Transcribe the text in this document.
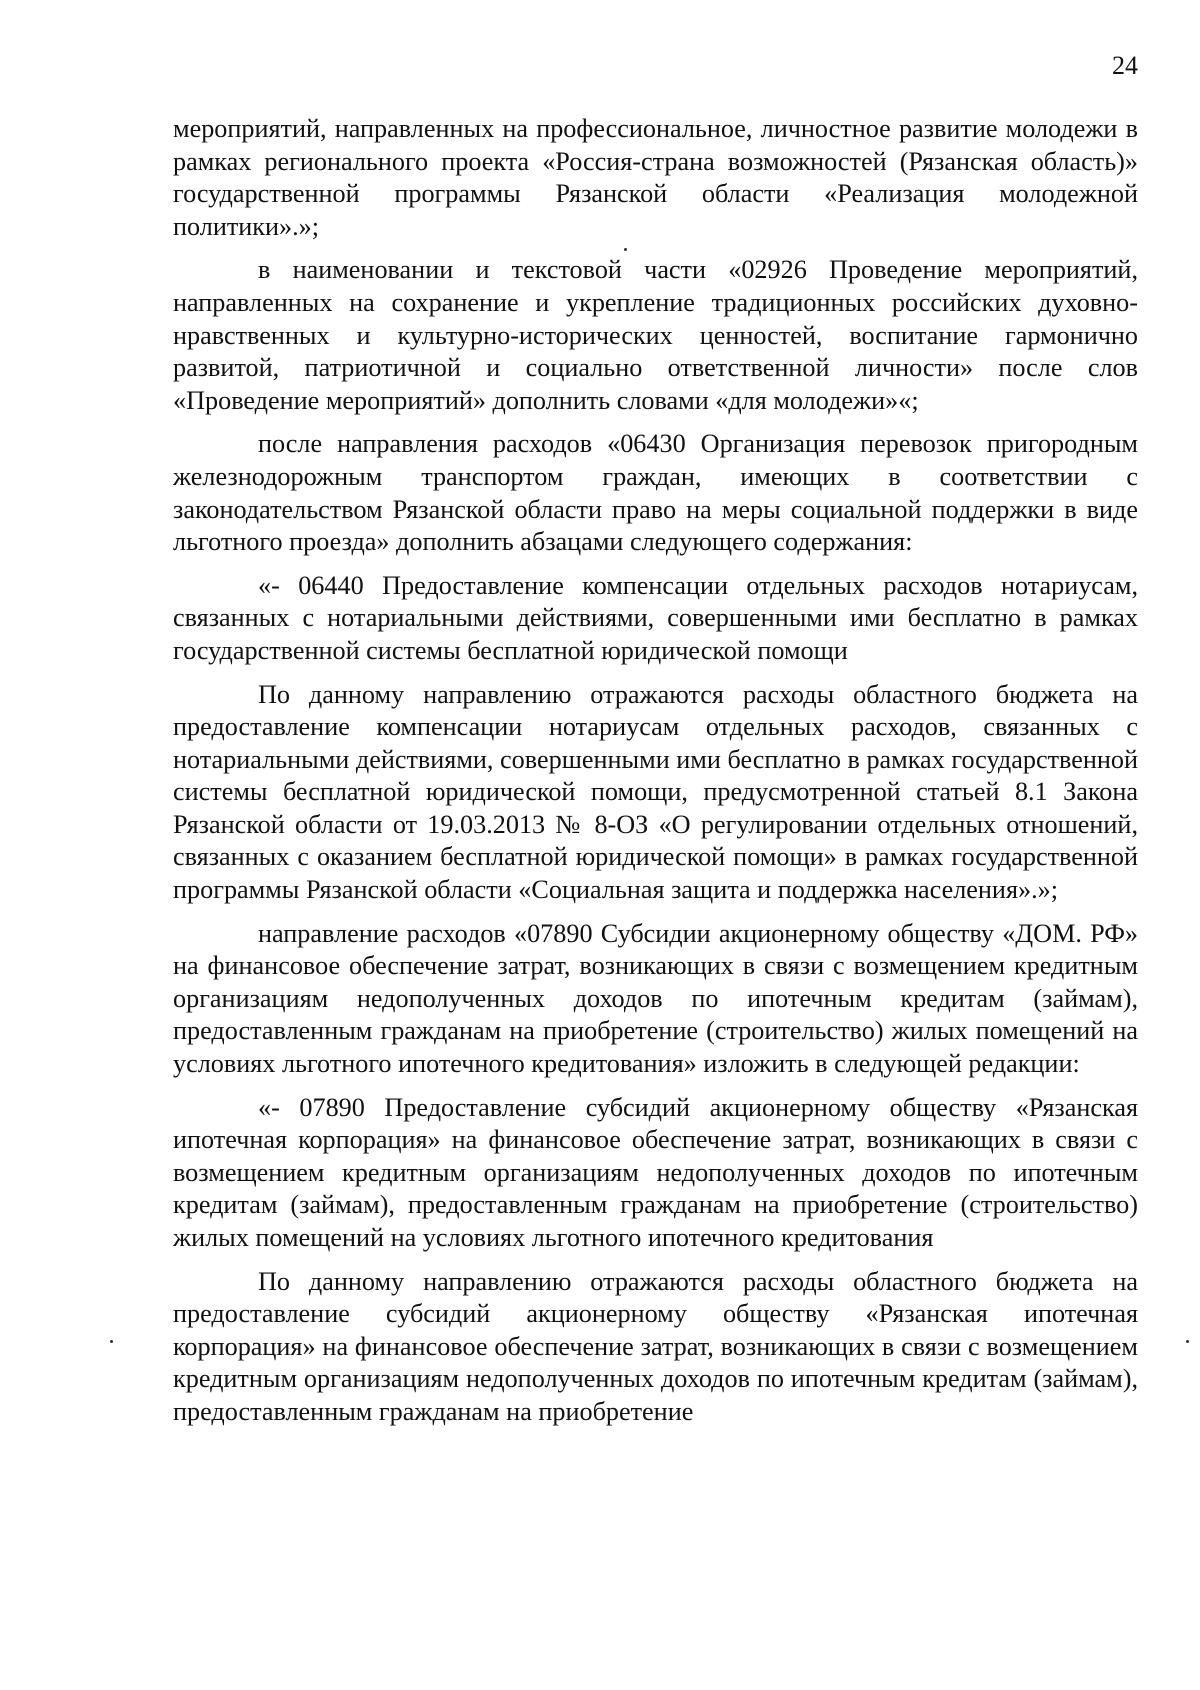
24

мероприятий, направленных на профессиональное, личностное развитие молодежи в рамках регионального проекта «Россия-страна возможностей (Рязанская область)» государственной программы Рязанской области «Реализация молодежной политики».»;

в наименовании и текстовой части «02926 Проведение мероприятий, направленных на сохранение и укрепление традиционных российских духовно-нравственных и культурно-исторических ценностей, воспитание гармонично развитой, патриотичной и социально ответственной личности» после слов «Проведение мероприятий» дополнить словами «для молодежи»«;

после направления расходов «06430 Организация перевозок пригородным железнодорожным транспортом граждан, имеющих в соответствии с законодательством Рязанской области право на меры социальной поддержки в виде льготного проезда» дополнить абзацами следующего содержания:

«- 06440 Предоставление компенсации отдельных расходов нотариусам, связанных с нотариальными действиями, совершенными ими бесплатно в рамках государственной системы бесплатной юридической помощи

По данному направлению отражаются расходы областного бюджета на предоставление компенсации нотариусам отдельных расходов, связанных с нотариальными действиями, совершенными ими бесплатно в рамках государственной системы бесплатной юридической помощи, предусмотренной статьей 8.1 Закона Рязанской области от 19.03.2013 № 8-ОЗ «О регулировании отдельных отношений, связанных с оказанием бесплатной юридической помощи» в рамках государственной программы Рязанской области «Социальная защита и поддержка населения».»;

направление расходов «07890 Субсидии акционерному обществу «ДОМ. РФ» на финансовое обеспечение затрат, возникающих в связи с возмещением кредитным организациям недополученных доходов по ипотечным кредитам (займам), предоставленным гражданам на приобретение (строительство) жилых помещений на условиях льготного ипотечного кредитования» изложить в следующей редакции:

«- 07890 Предоставление субсидий акционерному обществу «Рязанская ипотечная корпорация» на финансовое обеспечение затрат, возникающих в связи с возмещением кредитным организациям недополученных доходов по ипотечным кредитам (займам), предоставленным гражданам на приобретение (строительство) жилых помещений на условиях льготного ипотечного кредитования

По данному направлению отражаются расходы областного бюджета на предоставление субсидий акционерному обществу «Рязанская ипотечная корпорация» на финансовое обеспечение затрат, возникающих в связи с возмещением кредитным организациям недополученных доходов по ипотечным кредитам (займам), предоставленным гражданам на приобретение
